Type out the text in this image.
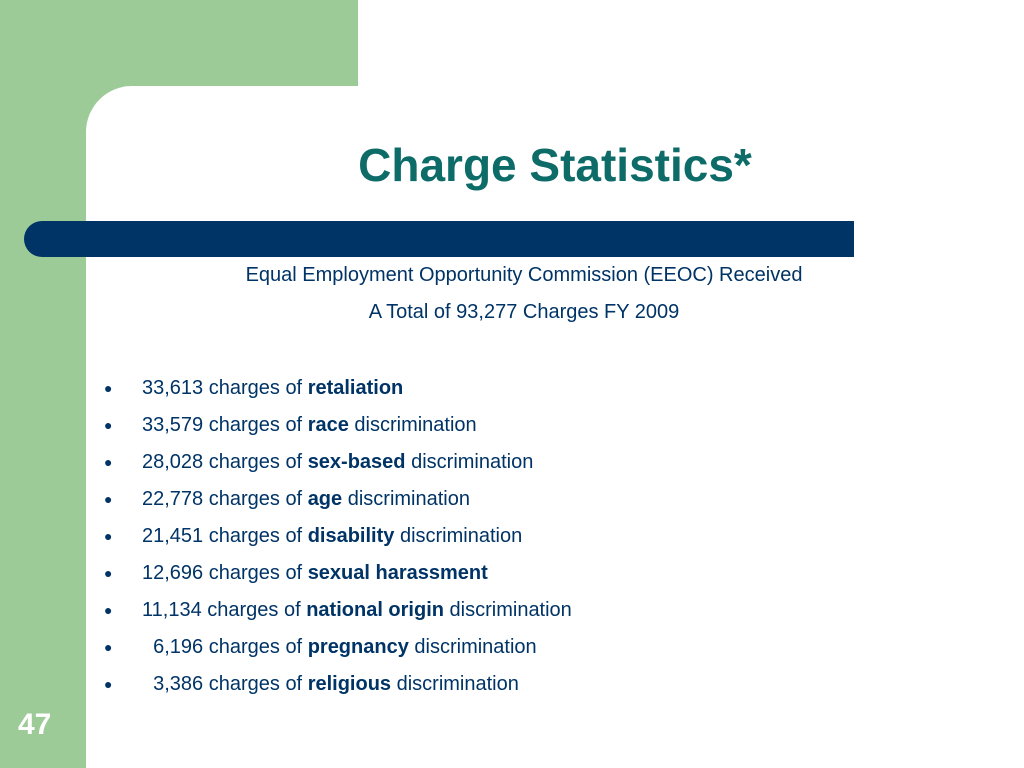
Charge Statistics*
Equal Employment Opportunity Commission (EEOC) Received
A Total of 93,277 Charges FY 2009
● 33,613 charges of retaliation
● 33,579 charges of race discrimination
● 28,028 charges of sex-based discrimination
● 22,778 charges of age discrimination
● 21,451 charges of disability discrimination
● 12,696 charges of sexual harassment
● 11,134 charges of national origin discrimination
●  6,196 charges of pregnancy discrimination
●  3,386 charges of religious discrimination
47
